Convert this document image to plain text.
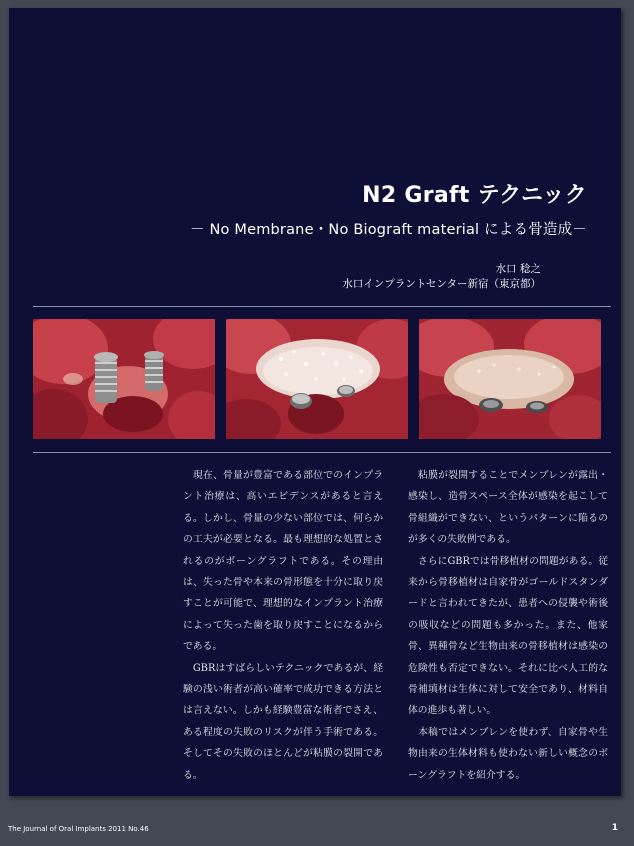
N2 Graft テクニック
－ No Membrane・No Biograft material による骨造成－
水口 稔之
水口インプラントセンター新宿（東京都）
　現在、骨量が豊富である部位でのインプラント治療は、高いエビデンスがあると言える。しかし、骨量の少ない部位では、何らかの工夫が必要となる。最も理想的な処置とされるのがボーングラフトである。その理由は、失った骨や本来の骨形態を十分に取り戻すことが可能で、理想的なインプラント治療によって失った歯を取り戻すことになるからである。
　GBRはすばらしいテクニックであるが、経験の浅い術者が高い確率で成功できる方法とは言えない。しかも経験豊富な術者でさえ、ある程度の失敗のリスクが伴う手術である。そしてその失敗のほとんどが粘膜の裂開である。
　粘膜が裂開することでメンブレンが露出・感染し、造骨スペース全体が感染を起こして骨組織ができない、というパターンに陥るのが多くの失敗例である。
　さらにGBRでは骨移植材の問題がある。従来から骨移植材は自家骨がゴールドスタンダードと言われてきたが、患者への侵襲や術後の吸収などの問題も多かった。また、他家骨、異種骨など生物由来の骨移植材は感染の危険性も否定できない。それに比べ人工的な骨補填材は生体に対して安全であり、材料自体の進歩も著しい。
　本稿ではメンブレンを使わず、自家骨や生物由来の生体材料も使わない新しい概念のボーングラフトを紹介する。
The Journal of Oral Implants 2011 No.46	1
